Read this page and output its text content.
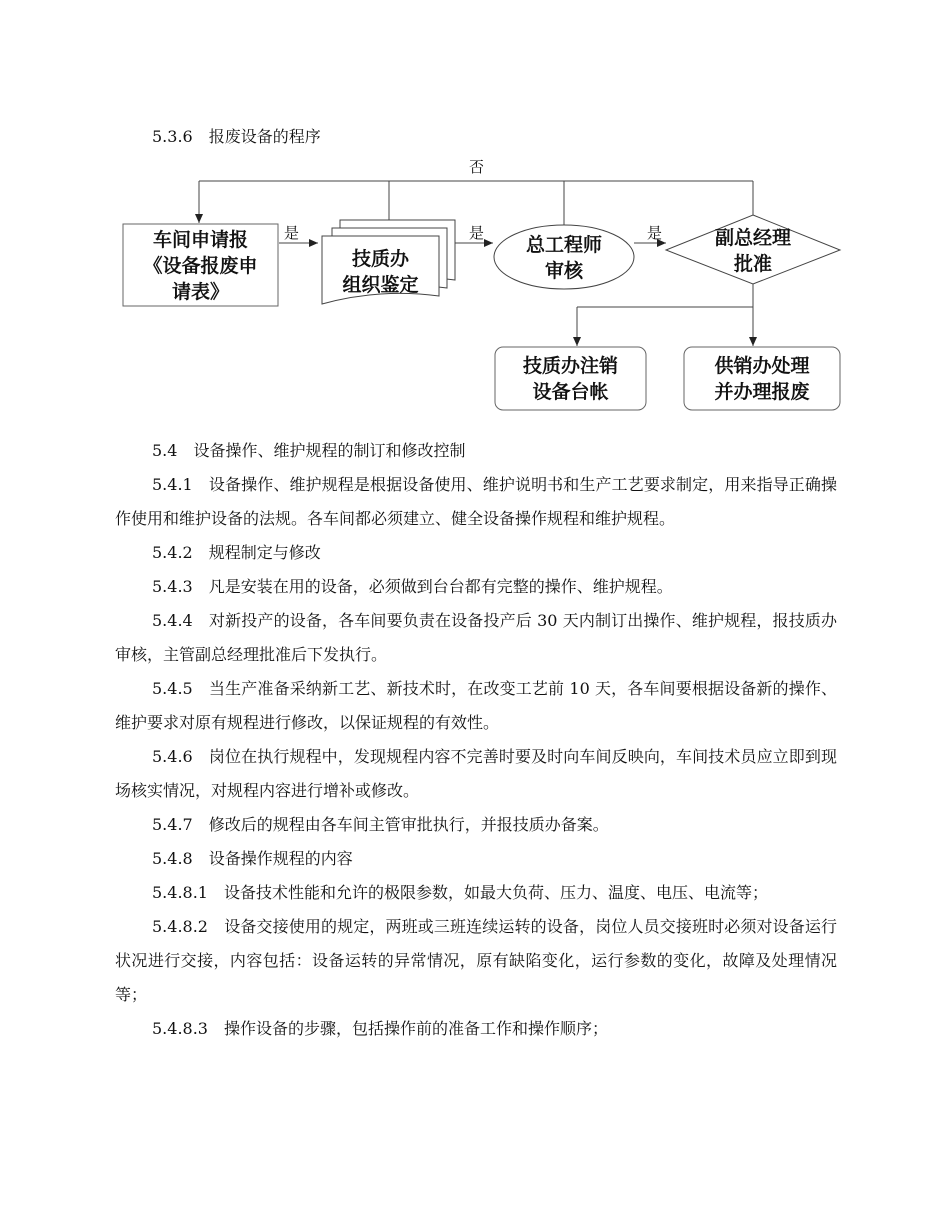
5.3.6　报废设备的程序
否
是	是	是
车间申请报
《设备报废申
请表》
技质办
组织鉴定
总工程师
审核
副总经理
批准
技质办注销
设备台帐
供销办处理
并办理报废

5.4　设备操作、维护规程的制订和修改控制

5.4.1　设备操作、维护规程是根据设备使用、维护说明书和生产工艺要求制定，用来指导正确操作使用和维护设备的法规。各车间都必须建立、健全设备操作规程和维护规程。

5.4.2　规程制定与修改

5.4.3　凡是安装在用的设备，必须做到台台都有完整的操作、维护规程。

5.4.4　对新投产的设备，各车间要负责在设备投产后 30 天内制订出操作、维护规程，报技质办审核，主管副总经理批准后下发执行。

5.4.5　当生产准备采纳新工艺、新技术时，在改变工艺前 10 天，各车间要根据设备新的操作、维护要求对原有规程进行修改，以保证规程的有效性。

5.4.6　岗位在执行规程中，发现规程内容不完善时要及时向车间反映向，车间技术员应立即到现场核实情况，对规程内容进行增补或修改。

5.4.7　修改后的规程由各车间主管审批执行，并报技质办备案。

5.4.8　设备操作规程的内容

5.4.8.1　设备技术性能和允许的极限参数，如最大负荷、压力、温度、电压、电流等；

5.4.8.2　设备交接使用的规定，两班或三班连续运转的设备，岗位人员交接班时必须对设备运行状况进行交接，内容包括：设备运转的异常情况，原有缺陷变化，运行参数的变化，故障及处理情况等；

5.4.8.3　操作设备的步骤，包括操作前的准备工作和操作顺序；
